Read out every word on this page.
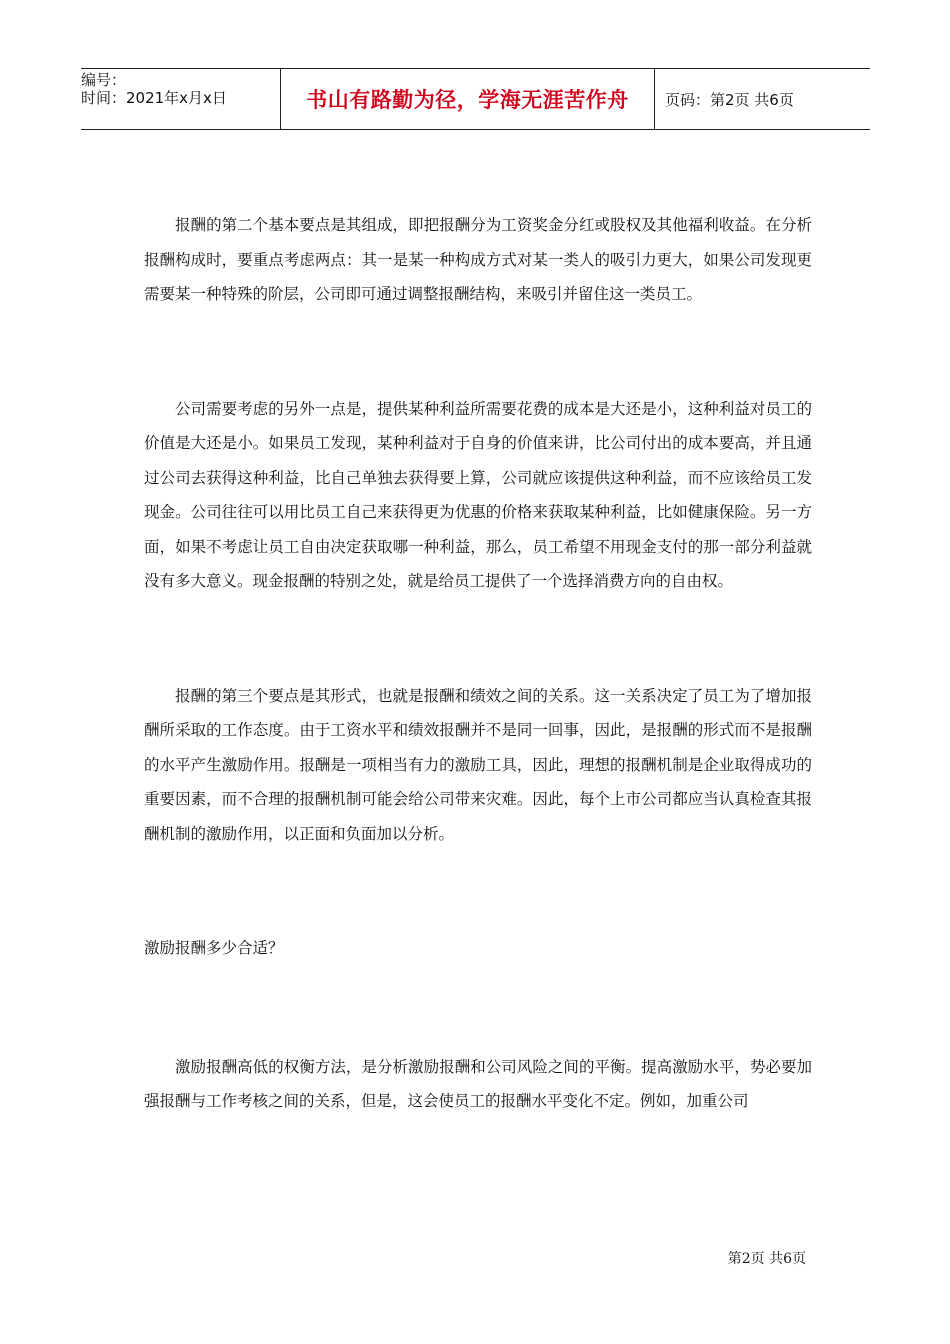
编号：
时间：2021年x月x日	书山有路勤为径，学海无涯苦作舟 页码：第2页 共6页

报酬的第二个基本要点是其组成，即把报酬分为工资奖金分红或股权及其他福利收益。在分析报酬构成时，要重点考虑两点：其一是某一种构成方式对某一类人的吸引力更大，如果公司发现更需要某一种特殊的阶层，公司即可通过调整报酬结构，来吸引并留住这一类员工。

公司需要考虑的另外一点是，提供某种利益所需要花费的成本是大还是小，这种利益对员工的价值是大还是小。如果员工发现，某种利益对于自身的价值来讲，比公司付出的成本要高，并且通过公司去获得这种利益，比自己单独去获得要上算，公司就应该提供这种利益，而不应该给员工发现金。公司往往可以用比员工自己来获得更为优惠的价格来获取某种利益，比如健康保险。另一方面，如果不考虑让员工自由决定获取哪一种利益，那么，员工希望不用现金支付的那一部分利益就没有多大意义。现金报酬的特别之处，就是给员工提供了一个选择消费方向的自由权。

报酬的第三个要点是其形式，也就是报酬和绩效之间的关系。这一关系决定了员工为了增加报酬所采取的工作态度。由于工资水平和绩效报酬并不是同一回事，因此，是报酬的形式而不是报酬的水平产生激励作用。报酬是一项相当有力的激励工具，因此，理想的报酬机制是企业取得成功的重要因素，而不合理的报酬机制可能会给公司带来灾难。因此，每个上市公司都应当认真检查其报酬机制的激励作用，以正面和负面加以分析。

激励报酬多少合适？

激励报酬高低的权衡方法，是分析激励报酬和公司风险之间的平衡。提高激励水平，势必要加强报酬与工作考核之间的关系，但是，这会使员工的报酬水平变化不定。例如，加重公司

第2页 共6页
